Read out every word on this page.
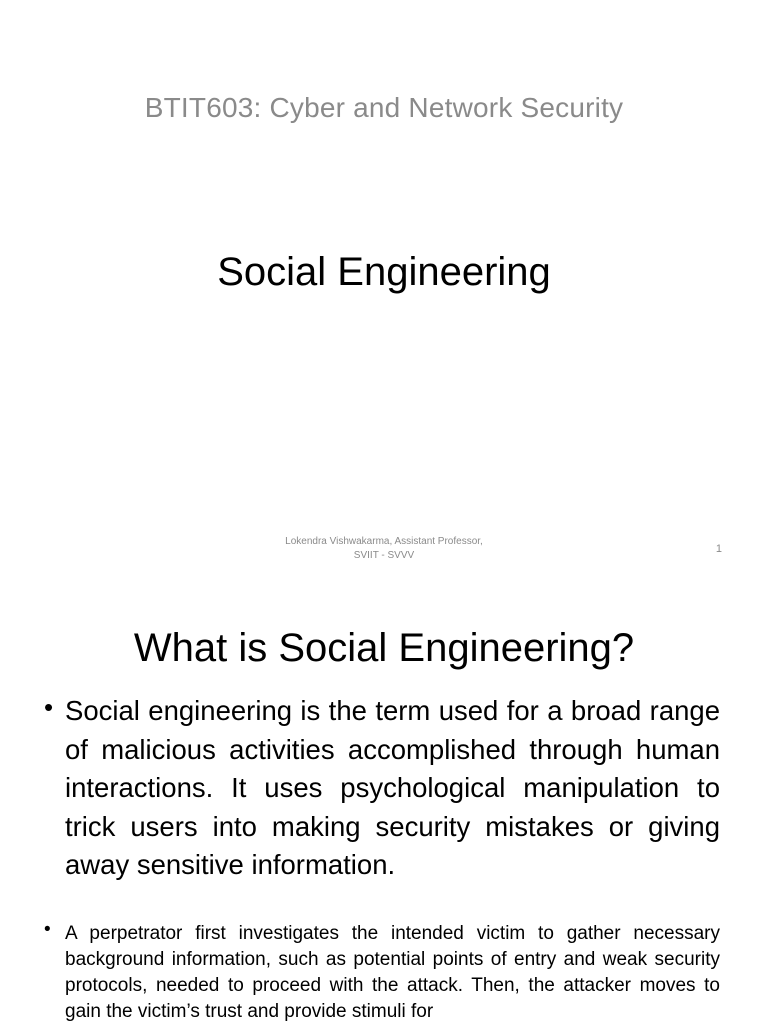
BTIT603: Cyber and Network Security
Social Engineering
Lokendra Vishwakarma, Assistant Professor,
SVIIT - SVVV
1
What is Social Engineering?
• Social engineering is the term used for a broad range of malicious activities accomplished through human interactions. It uses psychological manipulation to trick users into making security mistakes or giving away sensitive information.
• A perpetrator first investigates the intended victim to gather necessary background information, such as potential points of entry and weak security protocols, needed to proceed with the attack. Then, the attacker moves to gain the victim’s trust and provide stimuli for
